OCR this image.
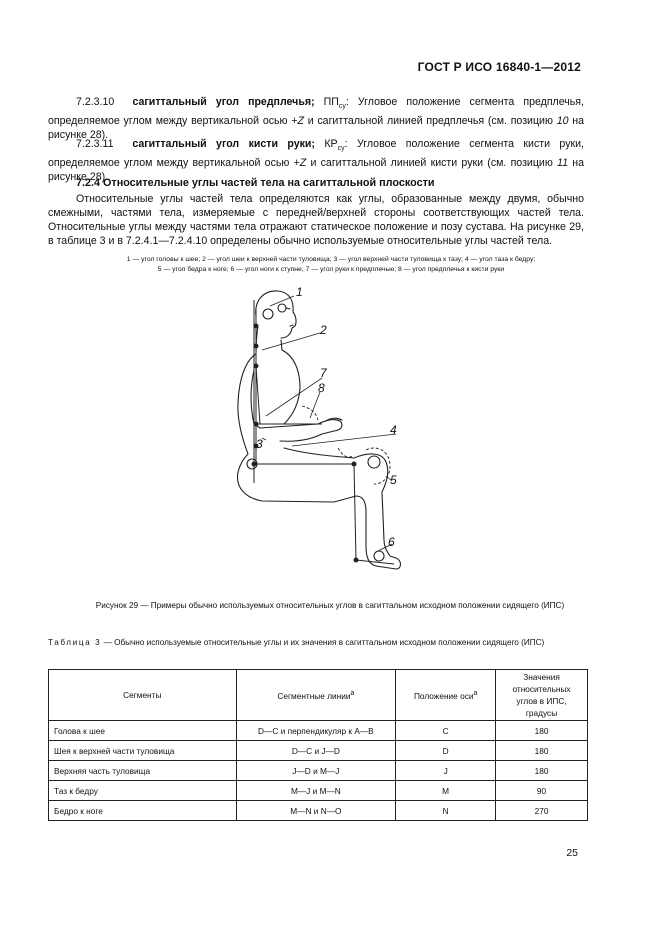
ГОСТ Р ИСО 16840-1—2012
7.2.3.10 сагиттальный угол предплечья; $ПП_{су}$: Угловое положение сегмента предплечья, определяемое углом между вертикальной осью +Z и сагиттальной линией предплечья (см. позицию 10 на рисунке 28).
7.2.3.11 сагиттальный угол кисти руки; $КР_{су}$: Угловое положение сегмента кисти руки, определяемое углом между вертикальной осью +Z и сагиттальной линией кисти руки (см. позицию 11 на рисунке 28).
7.2.4 Относительные углы частей тела на сагиттальной плоскости
Относительные углы частей тела определяются как углы, образованные между двумя, обычно смежными, частями тела, измеряемые с передней/верхней стороны соответствующих частей тела. Относительные углы между частями тела отражают статическое положение и позу сустава. На рисунке 29, в таблице 3 и в 7.2.4.1—7.2.4.10 определены обычно используемые относительные углы частей тела.
1 — угол головы к шее; 2 — угол шеи к верхней части туловища; 3 — угол верхней части туловища к тазу; 4 — угол таза к бедру;
5 — угол бедра к ноге; 6 — угол ноги к ступне; 7 — угол руки к предплечью; 8 — угол предплечья к кисти руки
1
2
3
4
5
6
7
8
Рисунок 29 — Примеры обычно используемых относительных углов в сагиттальном исходном положении сидящего (ИПС)
Таблица 3 — Обычно используемые относительные углы и их значения в сагиттальном исходном положении сидящего (ИПС)
Сегменты	Сегментные линии$^а$	Положение оси$^а$	Значения относительных углов в ИПС, градусы
Голова к шее	D—C и перпендикуляр к A—B	C	180
Шея к верхней части туловища	D—C и J—D	D	180
Верхняя часть туловища	J—D и M—J	J	180
Таз к бедру	M—J и M—N	M	90
Бедро к ноге	M—N и N—O	N	270
25
